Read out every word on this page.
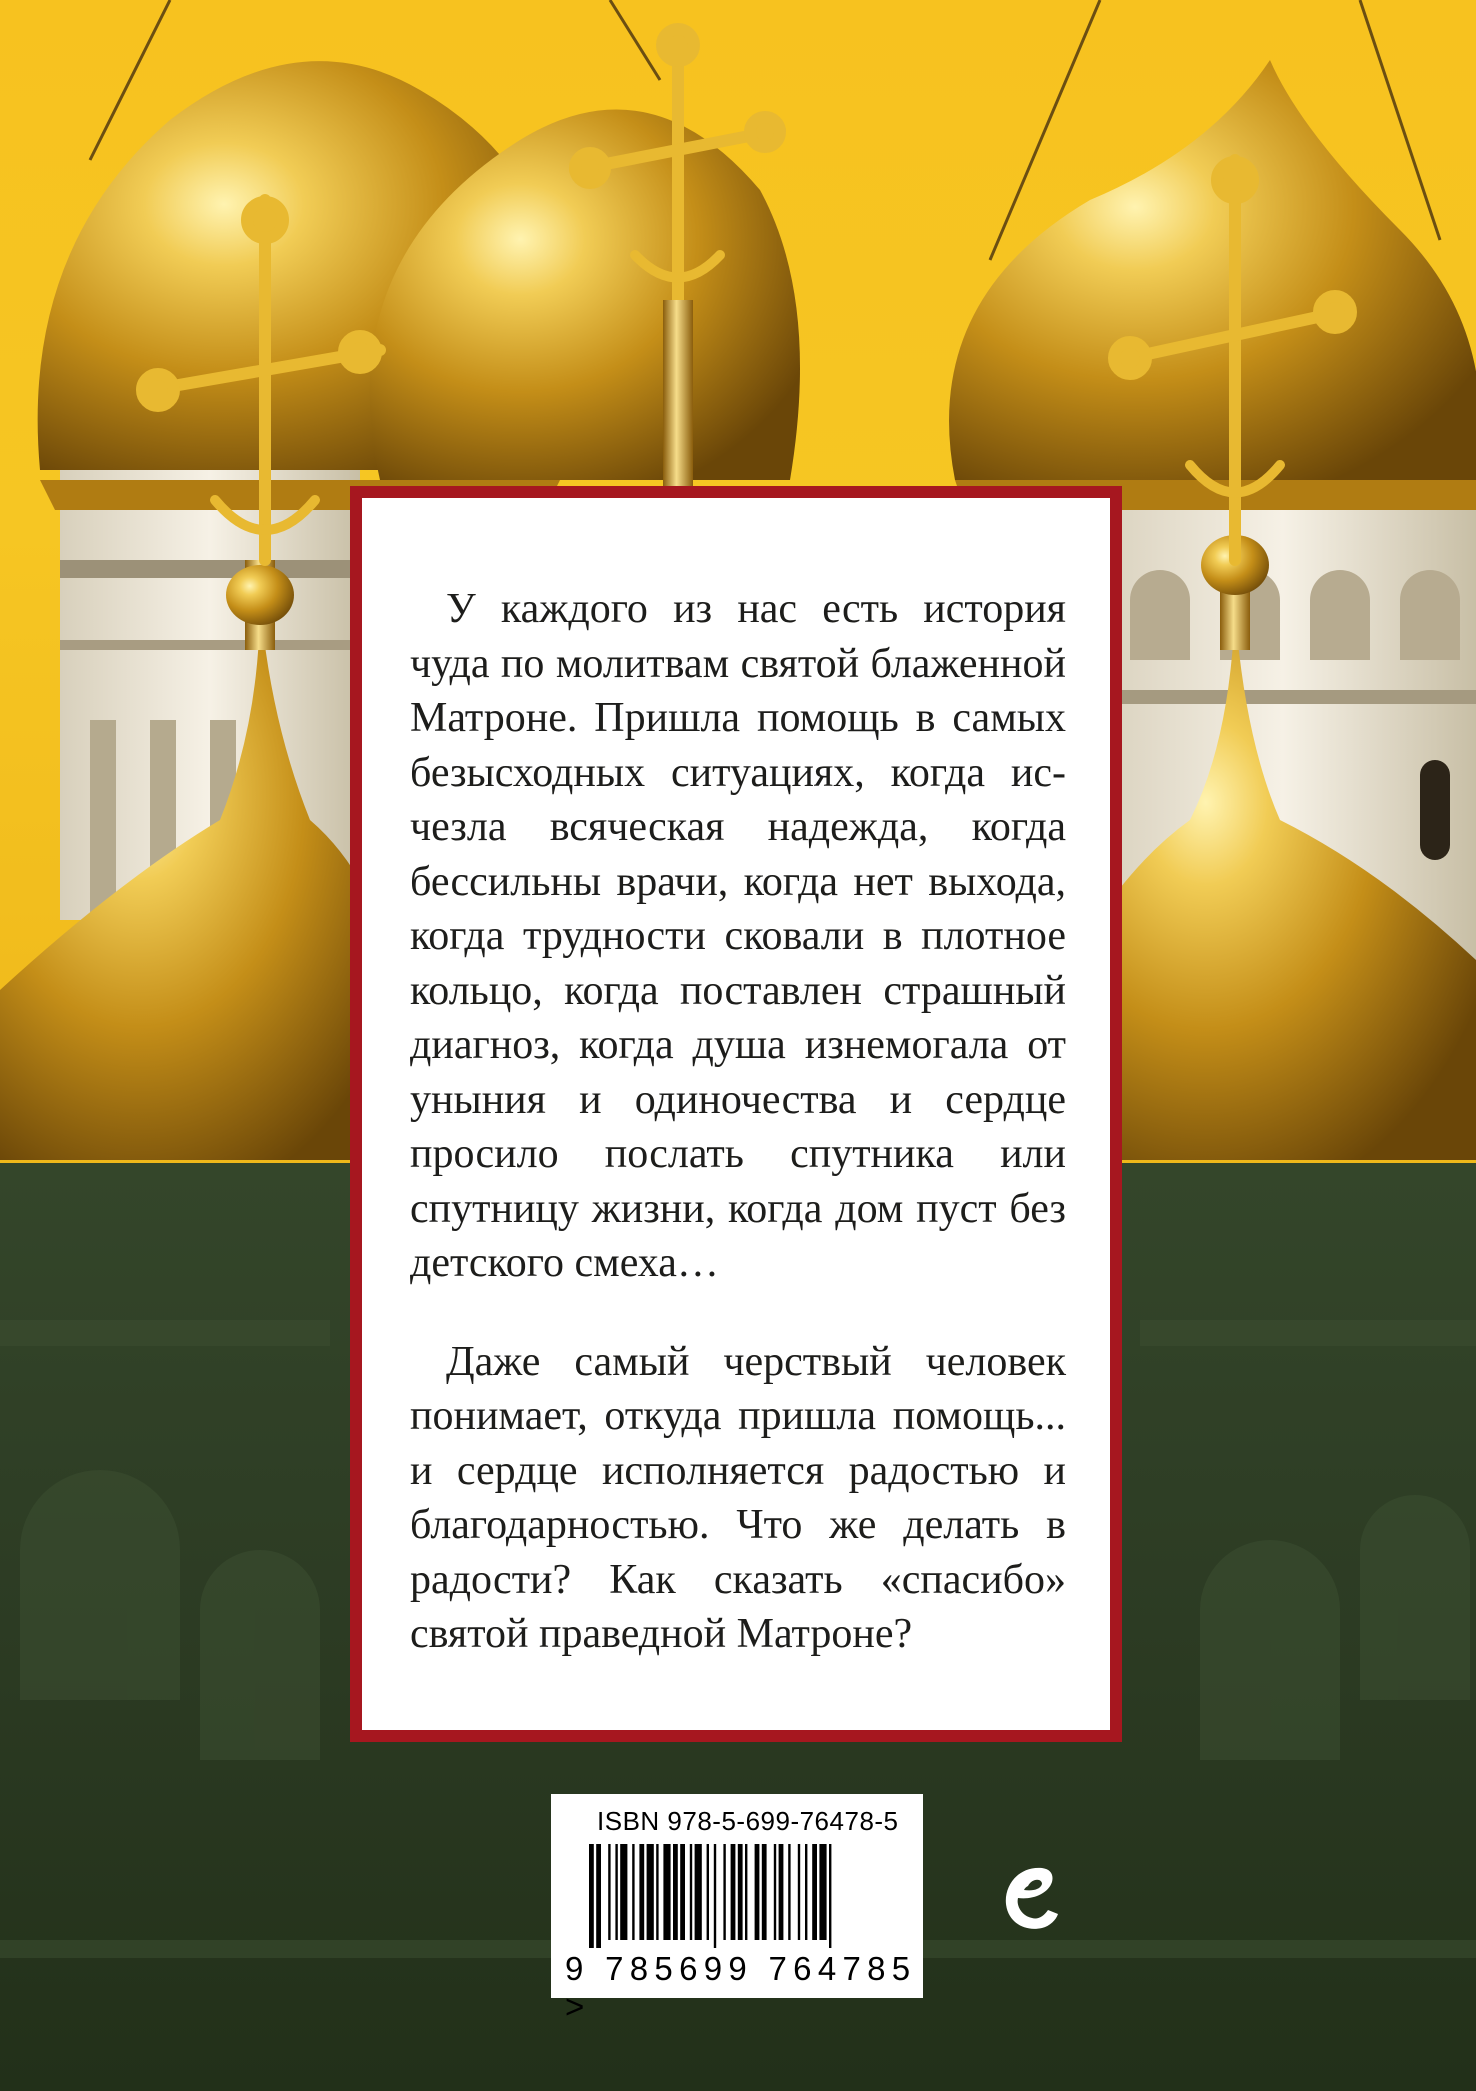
У каждого из нас есть история чуда по молитвам святой блаженной Матроне. Пришла помощь в самых безысходных ситуациях, когда исчезла всяческая надежда, когда бессильны врачи, когда нет выхода, когда трудности сковали в плотное кольцо, когда поставлен страшный диагноз, когда душа изнемогала от уныния и одиночества и сердце просило послать спутника или спутницу жизни, когда дом пуст без детского смеха…

Даже самый черствый человек понимает, откуда пришла помощь... и сердце исполняется радостью и благодарностью. Что же делать в радости? Как сказать «спасибо» святой праведной Матроне?

ISBN 978-5-699-76478-5
9 785699 764785 >
